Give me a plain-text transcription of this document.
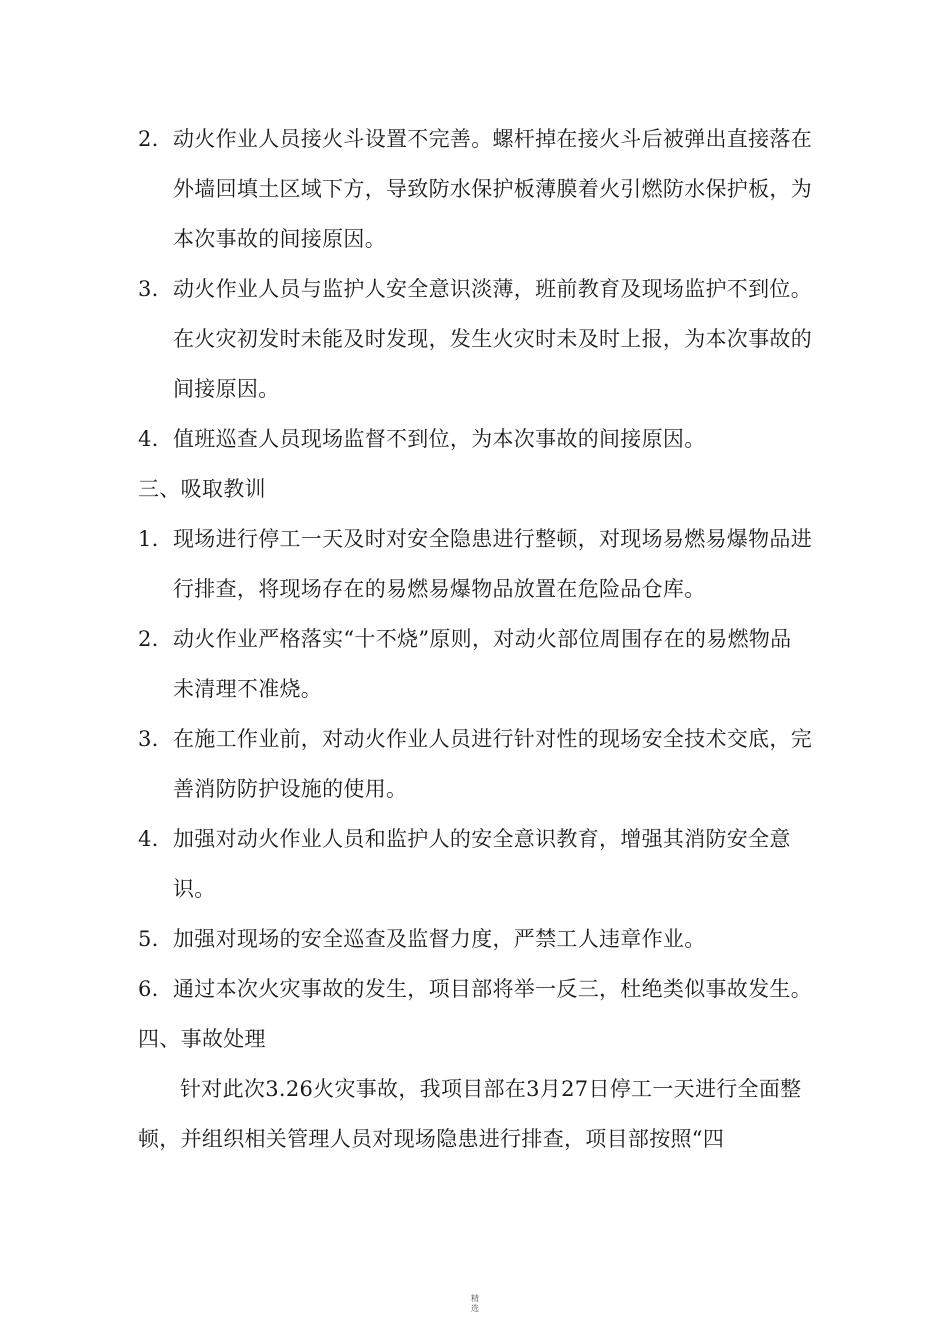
2. 动火作业人员接火斗设置不完善。螺杆掉在接火斗后被弹出直接落在外墙回填土区域下方，导致防水保护板薄膜着火引燃防水保护板，为本次事故的间接原因。
3. 动火作业人员与监护人安全意识淡薄，班前教育及现场监护不到位。在火灾初发时未能及时发现，发生火灾时未及时上报，为本次事故的间接原因。
4. 值班巡查人员现场监督不到位，为本次事故的间接原因。
三、吸取教训
1. 现场进行停工一天及时对安全隐患进行整顿，对现场易燃易爆物品进行排查，将现场存在的易燃易爆物品放置在危险品仓库。
2. 动火作业严格落实“十不烧”原则，对动火部位周围存在的易燃物品未清理不准烧。
3. 在施工作业前，对动火作业人员进行针对性的现场安全技术交底，完善消防防护设施的使用。
4. 加强对动火作业人员和监护人的安全意识教育，增强其消防安全意识。
5. 加强对现场的安全巡查及监督力度，严禁工人违章作业。
6. 通过本次火灾事故的发生，项目部将举一反三，杜绝类似事故发生。
四、事故处理
针对此次3.26火灾事故，我项目部在3月27日停工一天进行全面整顿，并组织相关管理人员对现场隐患进行排查，项目部按照“四
精
选
